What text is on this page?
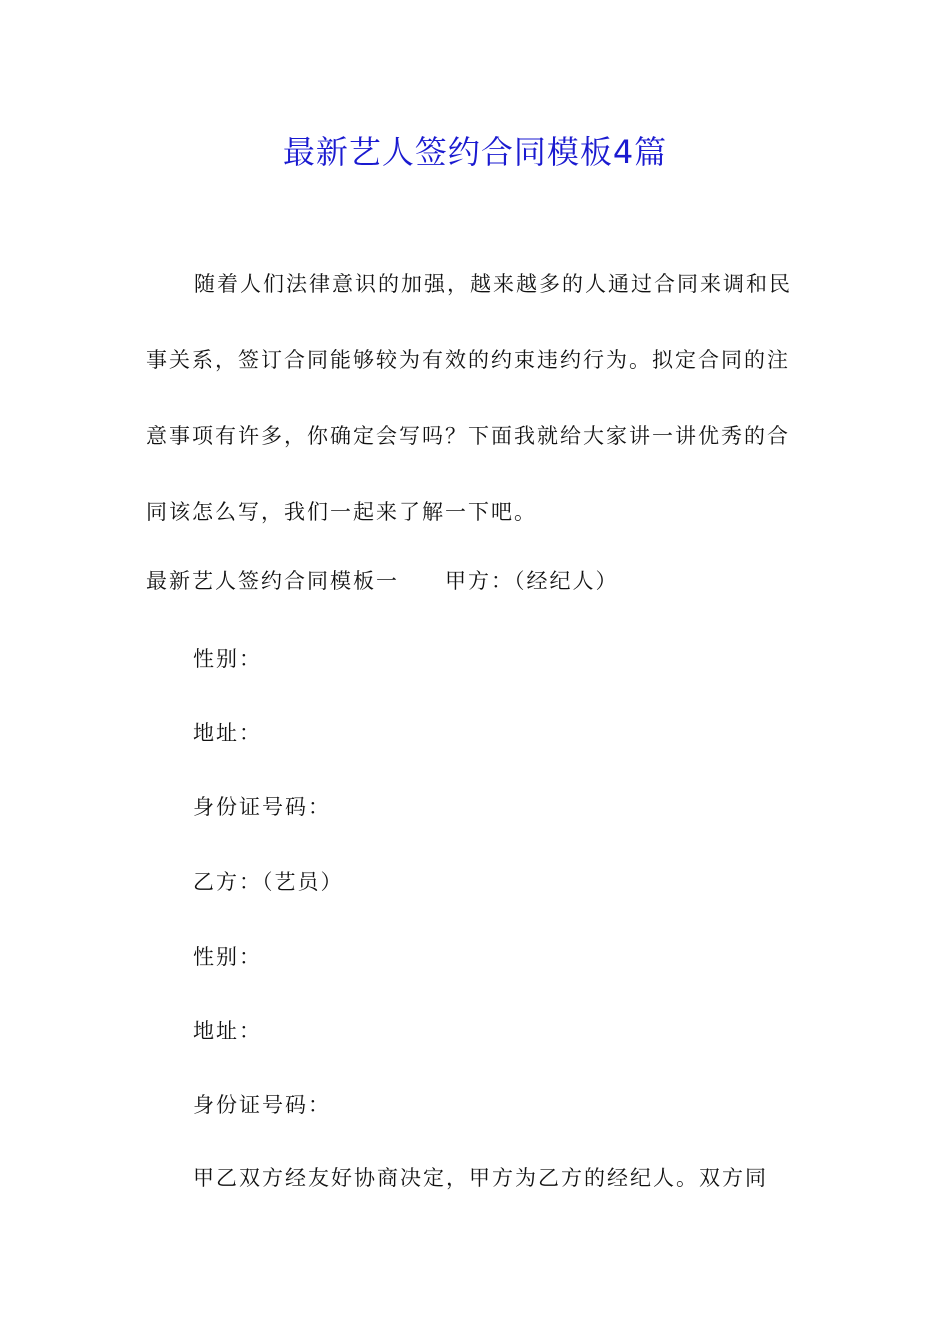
最新艺人签约合同模板4篇

随着人们法律意识的加强，越来越多的人通过合同来调和民事关系，签订合同能够较为有效的约束违约行为。拟定合同的注意事项有许多，你确定会写吗？下面我就给大家讲一讲优秀的合同该怎么写，我们一起来了解一下吧。

最新艺人签约合同模板一 甲方：（经纪人）
性别：
地址：
身份证号码：
乙方：（艺员）
性别：
地址：
身份证号码：
甲乙双方经友好协商决定，甲方为乙方的经纪人。双方同
